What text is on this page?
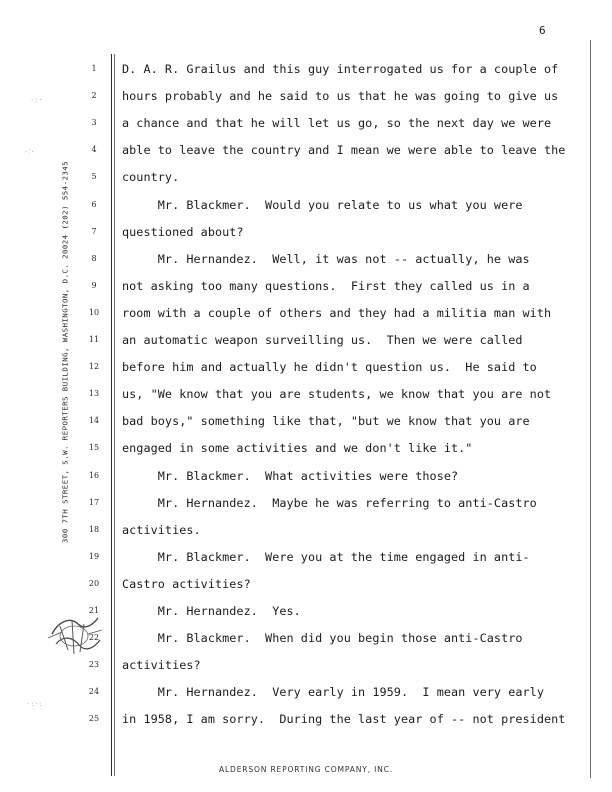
6
300 7TH STREET, S.W. REPORTERS BUILDING, WASHINGTON, D.C. 20024 (202) 554-2345
1	D. A. R. Grailus and this guy interrogated us for a couple of
2	hours probably and he said to us that he was going to give us
3	a chance and that he will let us go, so the next day we were
4	able to leave the country and I mean we were able to leave the
5	country.
6	Mr. Blackmer.  Would you relate to us what you were
7	questioned about?
8	Mr. Hernandez.  Well, it was not -- actually, he was
9	not asking too many questions.  First they called us in a
10	room with a couple of others and they had a militia man with
11	an automatic weapon surveilling us.  Then we were called
12	before him and actually he didn't question us.  He said to
13	us, "We know that you are students, we know that you are not
14	bad boys," something like that, "but we know that you are
15	engaged in some activities and we don't like it."
16	Mr. Blackmer.  What activities were those?
17	Mr. Hernandez.  Maybe he was referring to anti-Castro
18	activities.
19	Mr. Blackmer.  Were you at the time engaged in anti-
20	Castro activities?
21	Mr. Hernandez.  Yes.
22	Mr. Blackmer.  When did you begin those anti-Castro
23	activities?
24	Mr. Hernandez.  Very early in 1959.  I mean very early
25	in 1958, I am sorry.  During the last year of -- not president
·:·
·⁚·
·:·:
ALDERSON REPORTING COMPANY, INC.
